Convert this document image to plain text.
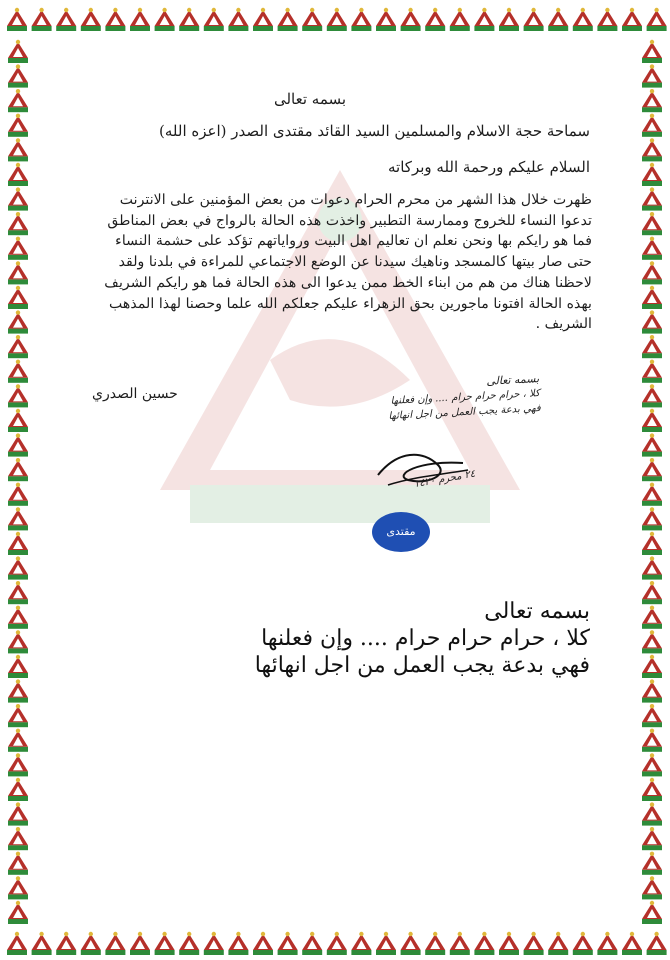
بسمه تعالى
سماحة حجة الاسلام والمسلمين السيد القائد مقتدى الصدر (اعزه الله)
السلام عليكم ورحمة الله وبركاته
ظهرت خلال هذا الشهر من محرم الحرام دعوات من بعض المؤمنين على الانترنت
تدعوا النساء للخروج وممارسة التطبير واخذت هذه الحالة بالرواج في بعض المناطق
فما هو رايكم بها ونحن نعلم ان تعاليم اهل البيت ورواياتهم تؤكد على حشمة النساء
حتى صار بيتها كالمسجد وناهيك سيدنا عن الوضع الاجتماعي للمراءة في بلدنا ولقد
لاحظنا هناك من هم من ابناء الخط ممن يدعوا الى هذه الحالة فما هو رايكم الشريف
بهذه الحالة افتونا ماجورين بحق الزهراء عليكم جعلكم الله علما وحصنا لهذا المذهب
الشريف .
حسين الصدري
بسمه تعالى
كلا ، حرام حرام حرام .... وإن فعلنها
فهي بدعة يجب العمل من اجل انهائها
٢٤ محرم ١٤٢٠
مقتدى الصدر
بسمه تعالى
كلا ، حرام حرام حرام .... وإن فعلنها
فهي بدعة يجب العمل من اجل انهائها
